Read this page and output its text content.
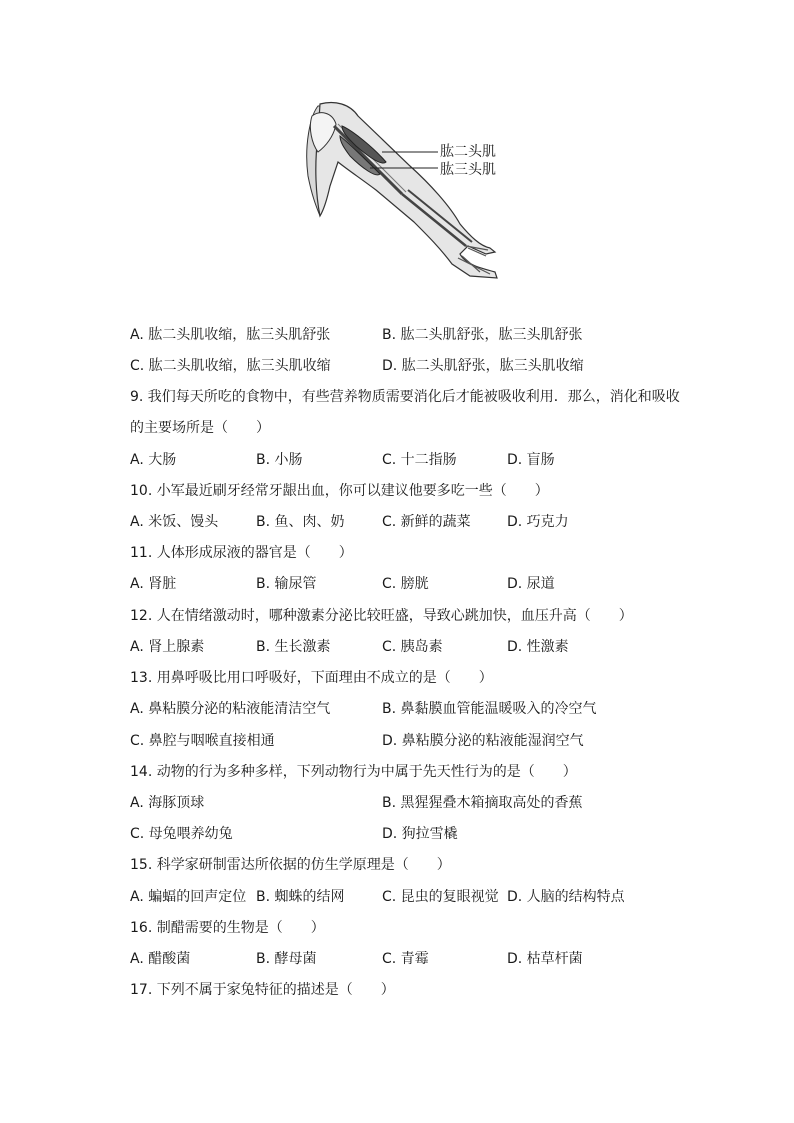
肱二头肌
肱三头肌
A. 肱二头肌收缩，肱三头肌舒张	B. 肱二头肌舒张，肱三头肌舒张
C. 肱二头肌收缩，肱三头肌收缩	D. 肱二头肌舒张，肱三头肌收缩
9. 我们每天所吃的食物中，有些营养物质需要消化后才能被吸收利用．那么，消化和吸收
的主要场所是（　　）
A. 大肠	B. 小肠	C. 十二指肠	D. 盲肠
10. 小军最近刷牙经常牙龈出血，你可以建议他要多吃一些（　　）
A. 米饭、馒头	B. 鱼、肉、奶	C. 新鲜的蔬菜	D. 巧克力
11. 人体形成尿液的器官是（　　）
A. 肾脏	B. 输尿管	C. 膀胱	D. 尿道
12. 人在情绪激动时，哪种激素分泌比较旺盛，导致心跳加快，血压升高（　　）
A. 肾上腺素	B. 生长激素	C. 胰岛素	D. 性激素
13. 用鼻呼吸比用口呼吸好，下面理由不成立的是（　　）
A. 鼻粘膜分泌的粘液能清洁空气	B. 鼻黏膜血管能温暖吸入的冷空气
C. 鼻腔与咽喉直接相通	D. 鼻粘膜分泌的粘液能湿润空气
14. 动物的行为多种多样，下列动物行为中属于先天性行为的是（　　）
A. 海豚顶球	B. 黑猩猩叠木箱摘取高处的香蕉
C. 母兔喂养幼兔	D. 狗拉雪橇
15. 科学家研制雷达所依据的仿生学原理是（　　）
A. 蝙蝠的回声定位 B. 蜘蛛的结网	C. 昆虫的复眼视觉 D. 人脑的结构特点
16. 制醋需要的生物是（　　）
A. 醋酸菌	B. 酵母菌	C. 青霉	D. 枯草杆菌
17. 下列不属于家兔特征的描述是（　　）
